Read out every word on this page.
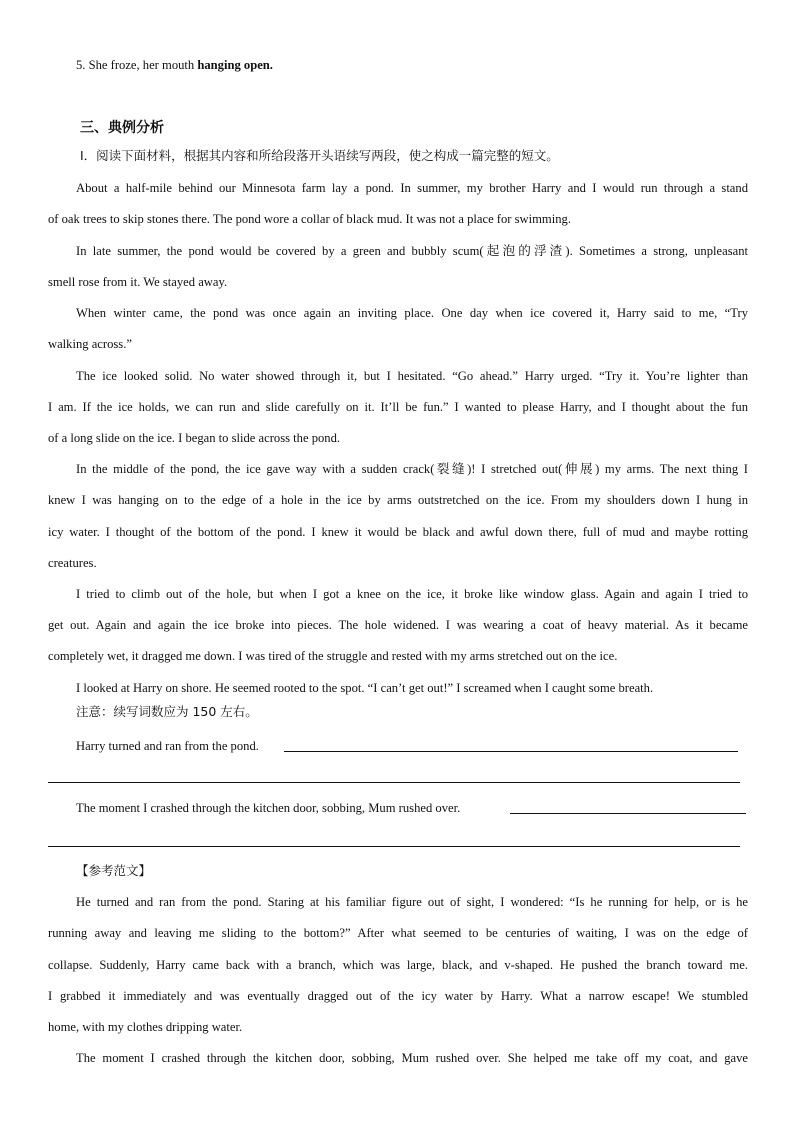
5. She froze, her mouth hanging open.
三、典例分析
Ⅰ．阅读下面材料，根据其内容和所给段落开头语续写两段，使之构成一篇完整的短文。
About a half-mile behind our Minnesota farm lay a pond. In summer, my brother Harry and I would run through a stand
of oak trees to skip stones there. The pond wore a collar of black mud. It was not a place for swimming.
In late summer, the pond would be covered by a green and bubbly scum(起泡的浮渣). Sometimes a strong, unpleasant
smell rose from it. We stayed away.
When winter came, the pond was once again an inviting place. One day when ice covered it, Harry said to me, “Try
walking across.”
The ice looked solid. No water showed through it, but I hesitated. “Go ahead.” Harry urged. “Try it. You’re lighter than
I am. If the ice holds, we can run and slide carefully on it. It’ll be fun.” I wanted to please Harry, and I thought about the fun
of a long slide on the ice. I began to slide across the pond.
In the middle of the pond, the ice gave way with a sudden crack(裂缝)! I stretched out(伸展) my arms. The next thing I
knew I was hanging on to the edge of a hole in the ice by arms outstretched on the ice. From my shoulders down I hung in
icy water. I thought of the bottom of the pond. I knew it would be black and awful down there, full of mud and maybe rotting
creatures.
I tried to climb out of the hole, but when I got a knee on the ice, it broke like window glass. Again and again I tried to
get out. Again and again the ice broke into pieces. The hole widened. I was wearing a coat of heavy material. As it became
completely wet, it dragged me down. I was tired of the struggle and rested with my arms stretched out on the ice.
I looked at Harry on shore. He seemed rooted to the spot. “I can’t get out!” I screamed when I caught some breath.
注意：续写词数应为 150 左右。
Harry turned and ran from the pond.
The moment I crashed through the kitchen door, sobbing, Mum rushed over.
【参考范文】
He turned and ran from the pond. Staring at his familiar figure out of sight, I wondered: “Is he running for help, or is he
running away and leaving me sliding to the bottom?” After what seemed to be centuries of waiting, I was on the edge of
collapse. Suddenly, Harry came back with a branch, which was large, black, and v-shaped. He pushed the branch toward me.
I grabbed it immediately and was eventually dragged out of the icy water by Harry. What a narrow escape! We stumbled
home, with my clothes dripping water.
The moment I crashed through the kitchen door, sobbing, Mum rushed over. She helped me take off my coat, and gave
